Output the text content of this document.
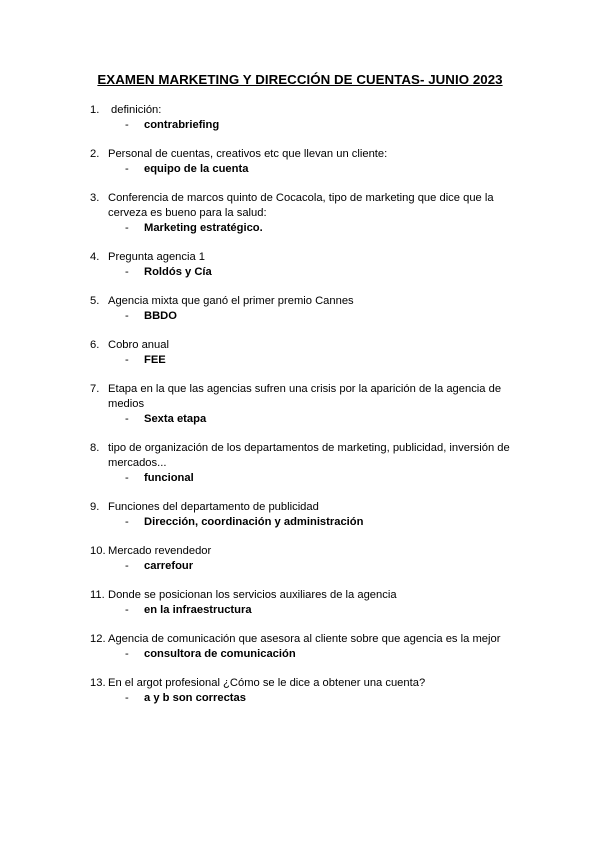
EXAMEN MARKETING Y DIRECCIÓN DE CUENTAS- JUNIO 2023
1.	definición:
-	contrabriefing
2. Personal de cuentas, creativos etc que llevan un cliente:
-	equipo de la cuenta
3. Conferencia de marcos quinto de Cocacola, tipo de marketing que dice que la
cerveza es bueno para la salud:
-	Marketing estratégico.
4. Pregunta agencia 1
-	Roldós y Cía
5. Agencia mixta que ganó el primer premio Cannes
-	BBDO
6. Cobro anual
-	FEE
7. Etapa en la que las agencias sufren una crisis por la aparición de la agencia de
medios
-	Sexta etapa
8. tipo de organización de los departamentos de marketing, publicidad, inversión de
mercados...
-	funcional
9. Funciones del departamento de publicidad
-	Dirección, coordinación y administración
10. Mercado revendedor
-	carrefour
11. Donde se posicionan los servicios auxiliares de la agencia
-	en la infraestructura
12. Agencia de comunicación que asesora al cliente sobre que agencia es la mejor
-	consultora de comunicación
13. En el argot profesional ¿Cómo se le dice a obtener una cuenta?
-	a y b son correctas
